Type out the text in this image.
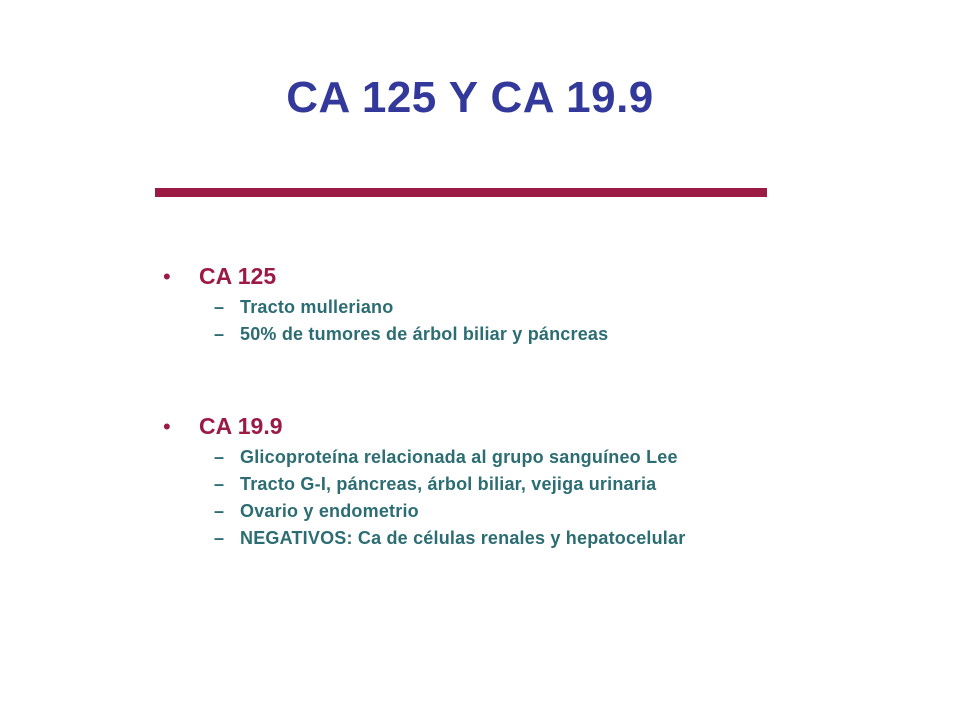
CA 125 Y CA 19.9
•	CA 125
– Tracto mulleriano
– 50% de tumores de árbol biliar y páncreas
•	CA 19.9
– Glicoproteína relacionada al grupo sanguíneo Lee
– Tracto G-I, páncreas, árbol biliar, vejiga urinaria
– Ovario y endometrio
– NEGATIVOS: Ca de células renales y hepatocelular
